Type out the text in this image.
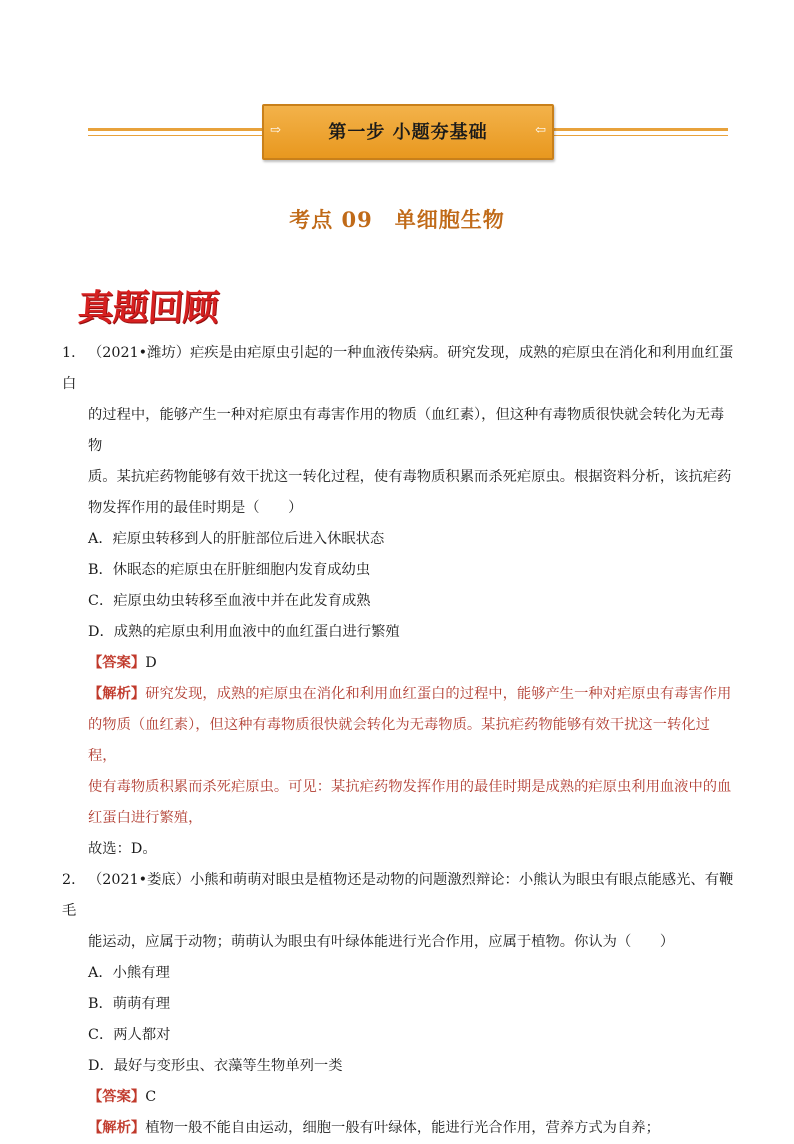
⇨	第一步 小题夯基础	⇦
考点 09　单细胞生物
真题回顾

1． （2021•潍坊）疟疾是由疟原虫引起的一种血液传染病。研究发现，成熟的疟原虫在消化和利用血红蛋白
的过程中，能够产生一种对疟原虫有毒害作用的物质（血红素），但这种有毒物质很快就会转化为无毒物
质。某抗疟药物能够有效干扰这一转化过程，使有毒物质积累而杀死疟原虫。根据资料分析，该抗疟药
物发挥作用的最佳时期是（　　）

A．疟原虫转移到人的肝脏部位后进入休眠状态

B．休眠态的疟原虫在肝脏细胞内发育成幼虫

C．疟原虫幼虫转移至血液中并在此发育成熟

D．成熟的疟原虫利用血液中的血红蛋白进行繁殖

【答案】D

【解析】研究发现，成熟的疟原虫在消化和利用血红蛋白的过程中，能够产生一种对疟原虫有毒害作用
的物质（血红素），但这种有毒物质很快就会转化为无毒物质。某抗疟药物能够有效干扰这一转化过程，
使有毒物质积累而杀死疟原虫。可见：某抗疟药物发挥作用的最佳时期是成熟的疟原虫利用血液中的血
红蛋白进行繁殖，

故选：D。

2． （2021•娄底）小熊和萌萌对眼虫是植物还是动物的问题激烈辩论：小熊认为眼虫有眼点能感光、有鞭毛
能运动，应属于动物；萌萌认为眼虫有叶绿体能进行光合作用，应属于植物。你认为（　　）

A．小熊有理

B．萌萌有理

C．两人都对

D．最好与变形虫、衣藻等生物单列一类

【答案】C

【解析】植物一般不能自由运动，细胞一般有叶绿体，能进行光合作用，营养方式为自养；
